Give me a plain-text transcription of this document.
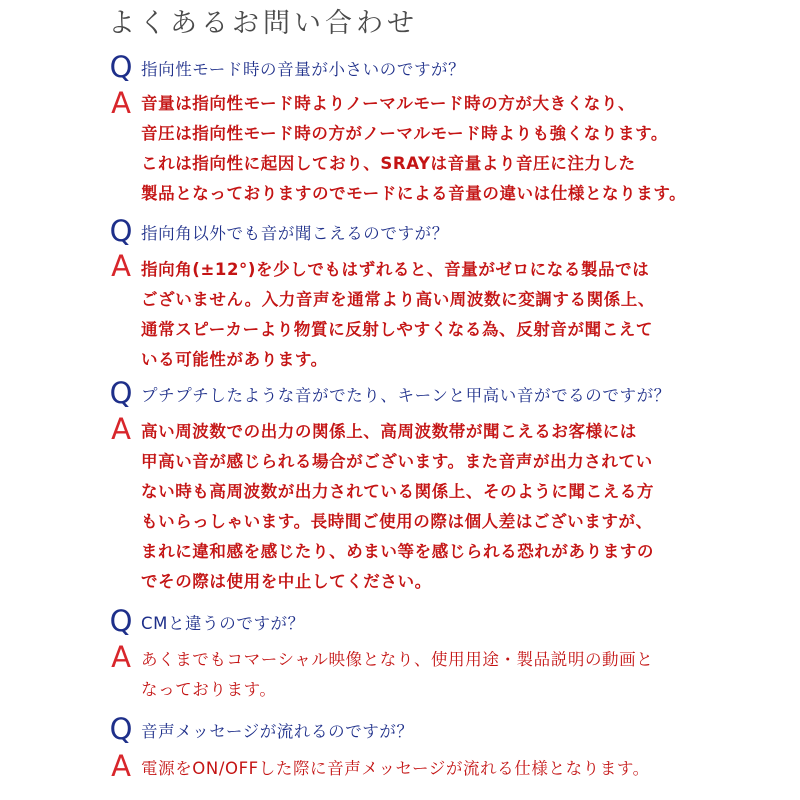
よくあるお問い合わせ
Q 指向性モード時の音量が小さいのですが？
A 音量は指向性モード時よりノーマルモード時の方が大きくなり、
音圧は指向性モード時の方がノーマルモード時よりも強くなります。
これは指向性に起因しており、SRAYは音量より音圧に注力した
製品となっておりますのでモードによる音量の違いは仕様となります。
Q 指向角以外でも音が聞こえるのですが？
A 指向角(±12°)を少しでもはずれると、音量がゼロになる製品では
ございません。入力音声を通常より高い周波数に変調する関係上、
通常スピーカーより物質に反射しやすくなる為、反射音が聞こえて
いる可能性があります。
Q プチプチしたような音がでたり、キーンと甲高い音がでるのですが？
A 高い周波数での出力の関係上、高周波数帯が聞こえるお客様には
甲高い音が感じられる場合がございます。また音声が出力されてい
ない時も高周波数が出力されている関係上、そのように聞こえる方
もいらっしゃいます。長時間ご使用の際は個人差はございますが、
まれに違和感を感じたり、めまい等を感じられる恐れがありますの
でその際は使用を中止してください。
Q CMと違うのですが？
A あくまでもコマーシャル映像となり、使用用途・製品説明の動画と
なっております。
Q 音声メッセージが流れるのですが？
A 電源をON/OFFした際に音声メッセージが流れる仕様となります。
